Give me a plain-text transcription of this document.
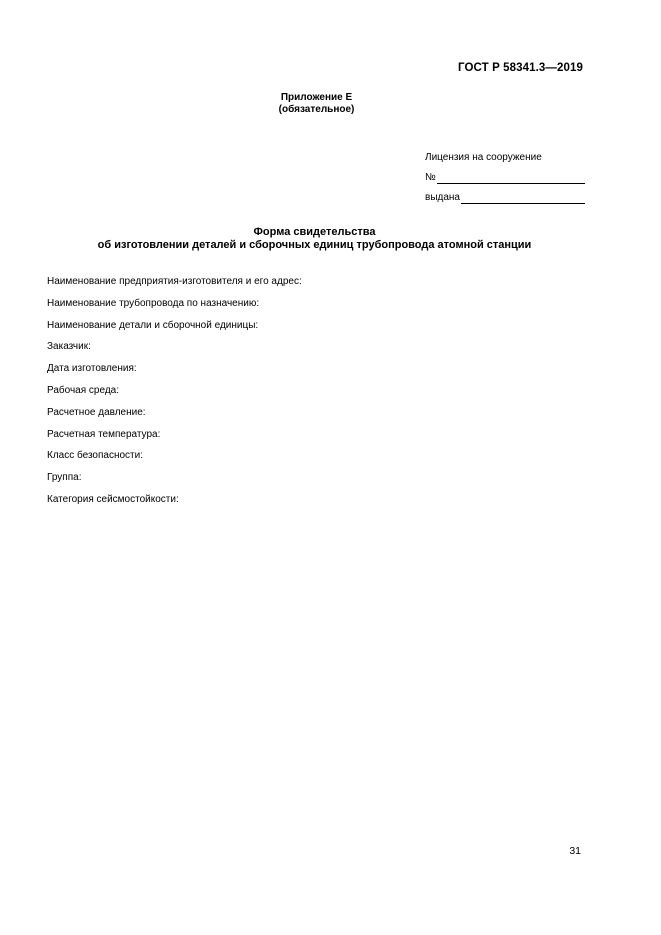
ГОСТ Р 58341.3—2019
Приложение Е
(обязательное)
Лицензия на сооружение
№
выдана
Форма свидетельства
об изготовлении деталей и сборочных единиц трубопровода атомной станции
Наименование предприятия-изготовителя и его адрес:
Наименование трубопровода по назначению:
Наименование детали и сборочной единицы:
Заказчик:
Дата изготовления:
Рабочая среда:
Расчетное давление:
Расчетная температура:
Класс безопасности:
Группа:
Категория сейсмостойкости:
31
